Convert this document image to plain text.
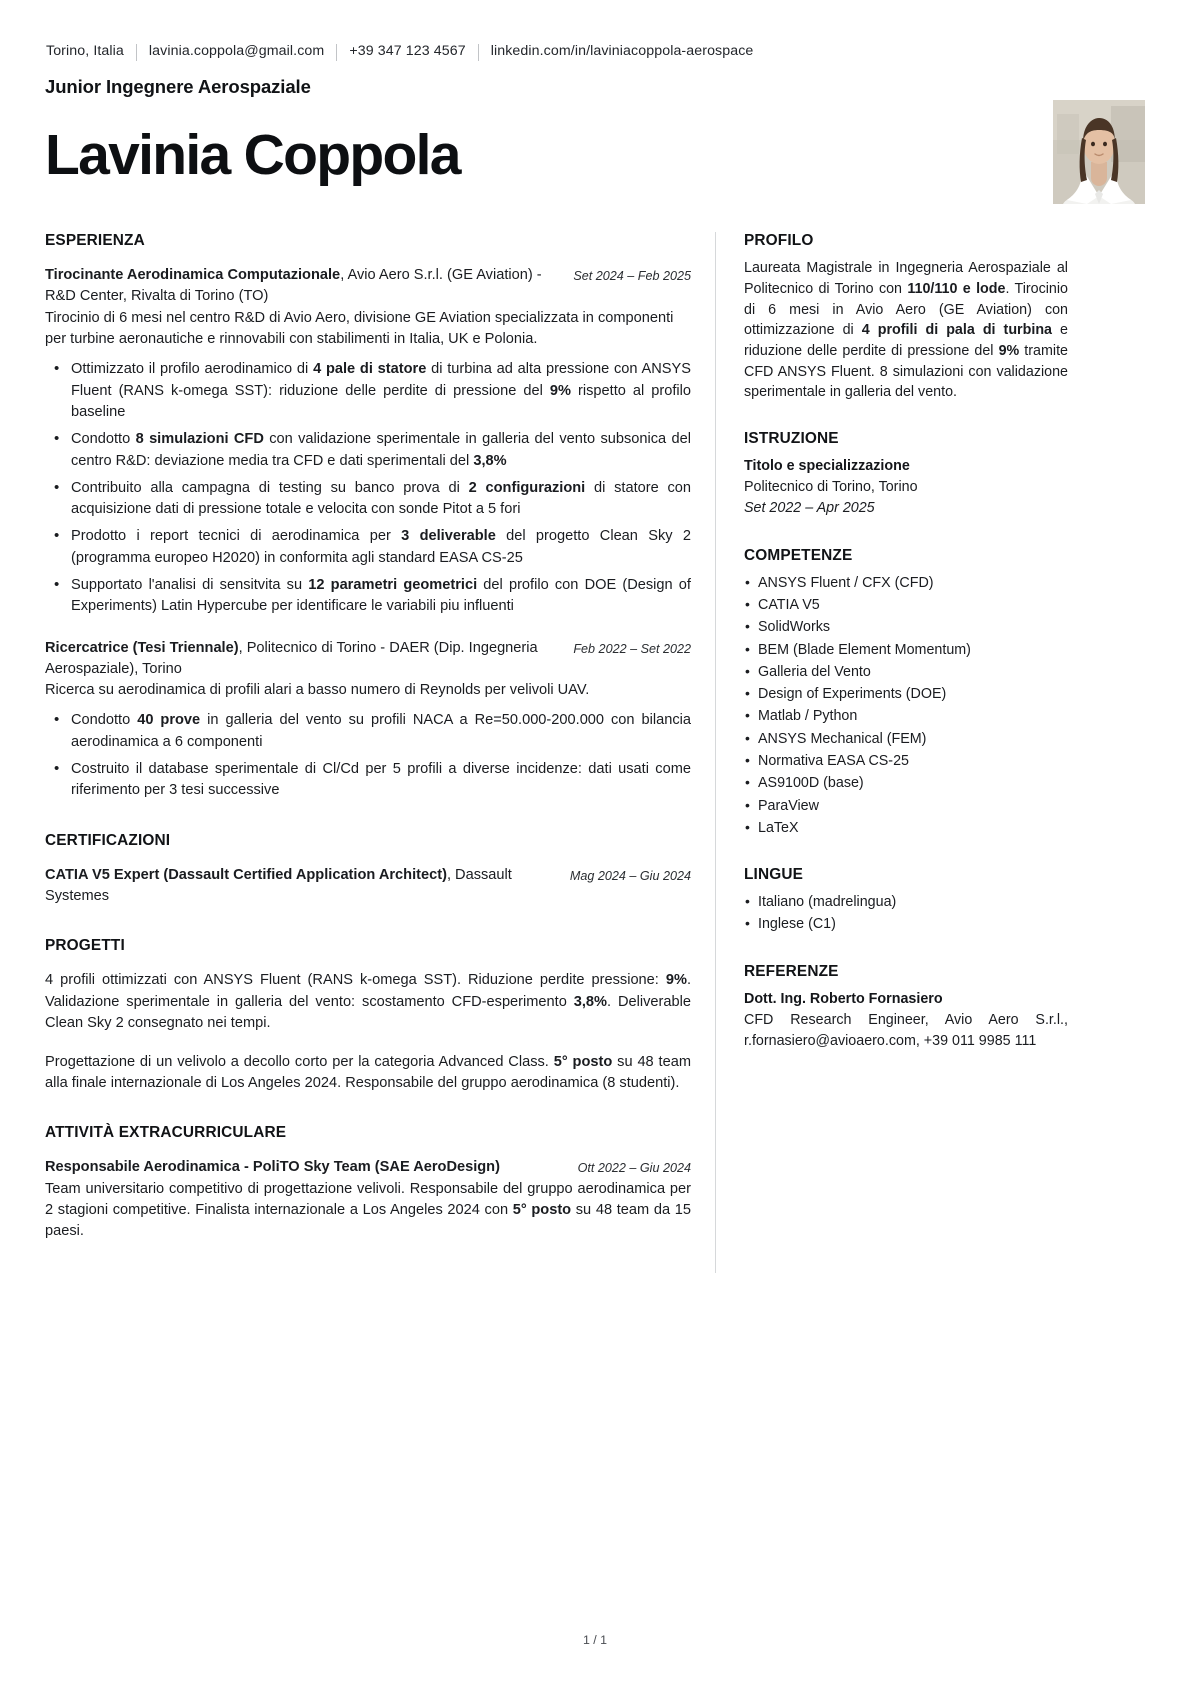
Torino, Italia lavinia.coppola@gmail.com +39 347 123 4567 linkedin.com/in/laviniacoppola-aerospace
Junior Ingegnere Aerospaziale
Lavinia Coppola
ESPERIENZA
Tirocinante Aerodinamica Computazionale, Avio Aero S.r.l. (GE Aviation) - R&D Center, Rivalta di Torino (TO)
Set 2024 – Feb 2025
Tirocinio di 6 mesi nel centro R&D di Avio Aero, divisione GE Aviation specializzata in componenti per turbine aeronautiche e rinnovabili con stabilimenti in Italia, UK e Polonia.
• Ottimizzato il profilo aerodinamico di 4 pale di statore di turbina ad alta pressione con ANSYS Fluent (RANS k-omega SST): riduzione delle perdite di pressione del 9% rispetto al profilo baseline
• Condotto 8 simulazioni CFD con validazione sperimentale in galleria del vento subsonica del centro R&D: deviazione media tra CFD e dati sperimentali del 3,8%
• Contribuito alla campagna di testing su banco prova di 2 configurazioni di statore con acquisizione dati di pressione totale e velocita con sonde Pitot a 5 fori
• Prodotto i report tecnici di aerodinamica per 3 deliverable del progetto Clean Sky 2 (programma europeo H2020) in conformita agli standard EASA CS-25
• Supportato l'analisi di sensitvita su 12 parametri geometrici del profilo con DOE (Design of Experiments) Latin Hypercube per identificare le variabili piu influenti
Ricercatrice (Tesi Triennale), Politecnico di Torino - DAER (Dip. Ingegneria Aerospaziale), Torino
Feb 2022 – Set 2022
Ricerca su aerodinamica di profili alari a basso numero di Reynolds per velivoli UAV.
• Condotto 40 prove in galleria del vento su profili NACA a Re=50.000-200.000 con bilancia aerodinamica a 6 componenti
• Costruito il database sperimentale di Cl/Cd per 5 profili a diverse incidenze: dati usati come riferimento per 3 tesi successive
CERTIFICAZIONI
CATIA V5 Expert (Dassault Certified Application Architect), Dassault Systemes
Mag 2024 – Giu 2024
PROGETTI
4 profili ottimizzati con ANSYS Fluent (RANS k-omega SST). Riduzione perdite pressione: 9%. Validazione sperimentale in galleria del vento: scostamento CFD-esperimento 3,8%. Deliverable Clean Sky 2 consegnato nei tempi.
Progettazione di un velivolo a decollo corto per la categoria Advanced Class. 5° posto su 48 team alla finale internazionale di Los Angeles 2024. Responsabile del gruppo aerodinamica (8 studenti).
ATTIVITÀ EXTRACURRICULARE
Responsabile Aerodinamica - PoliTO Sky Team (SAE AeroDesign)	Ott 2022 – Giu 2024
Team universitario competitivo di progettazione velivoli. Responsabile del gruppo aerodinamica per 2 stagioni competitive. Finalista internazionale a Los Angeles 2024 con 5° posto su 48 team da 15 paesi.
PROFILO
Laureata Magistrale in Ingegneria Aerospaziale al Politecnico di Torino con 110/110 e lode. Tirocinio di 6 mesi in Avio Aero (GE Aviation) con ottimizzazione di 4 profili di pala di turbina e riduzione delle perdite di pressione del 9% tramite CFD ANSYS Fluent. 8 simulazioni con validazione sperimentale in galleria del vento.
ISTRUZIONE
Titolo e specializzazione
Politecnico di Torino, Torino
Set 2022 – Apr 2025
COMPETENZE
• ANSYS Fluent / CFX (CFD)
• CATIA V5
• SolidWorks
• BEM (Blade Element Momentum)
• Galleria del Vento
• Design of Experiments (DOE)
• Matlab / Python
• ANSYS Mechanical (FEM)
• Normativa EASA CS-25
• AS9100D (base)
• ParaView
• LaTeX
LINGUE
• Italiano (madrelingua)
• Inglese (C1)
REFERENZE
Dott. Ing. Roberto Fornasiero
CFD Research Engineer, Avio Aero S.r.l., r.fornasiero@avioaero.com, +39 011 9985 111
1 / 1
